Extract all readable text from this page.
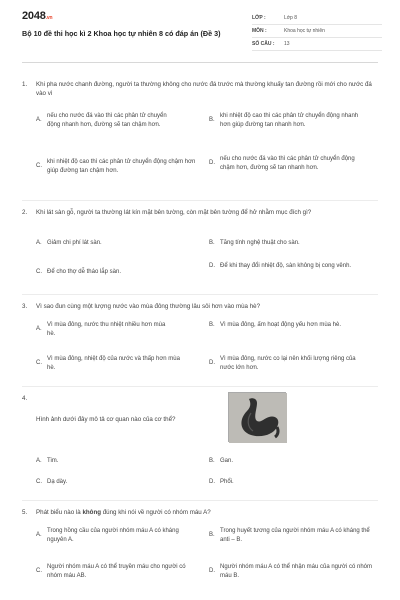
2048.vn
Bộ 10 đề thi học kì 2 Khoa học tự nhiên 8 có đáp án (Đề 3)
LỚP :	Lớp 8
MÔN :	Khoa học tự nhiên
SỐ CÂU :	13
1. Khi pha nước chanh đường, người ta thường không cho nước đá trước mà thường khuấy tan đường rồi mới cho nước đá vào vì
A.
nếu cho nước đá vào thì các phân tử chuyển động nhanh hơn, đường sẽ tan chậm hơn.
B.
khi nhiệt độ cao thì các phân tử chuyển động nhanh hơn giúp đường tan nhanh hơn.
C.
khi nhiệt độ cao thì các phân tử chuyển động chậm hơn giúp đường tan chậm hơn.
D.
nếu cho nước đá vào thì các phân tử chuyển động chậm hơn, đường sẽ tan nhanh hơn.
2. Khi lát sàn gỗ, người ta thường lát kín mặt bên tường, còn mặt bên tường để hở nhằm mục đích gì?
A. Giảm chi phí lát sàn.	B. Tăng tính nghệ thuật cho sàn.
C. Để cho thợ dễ tháo lắp sàn.
D. Để khi thay đổi nhiệt độ, sàn không bị cong vênh.
3. Vì sao đun cùng một lượng nước vào mùa đông thường lâu sôi hơn vào mùa hè?
A.
Vì mùa đông, nước thu nhiệt nhiều hơn mùa hè.
B. Vì mùa đông, ấm hoạt động yếu hơn mùa hè.
C.
Vì mùa đông, nhiệt độ của nước và thấp hơn mùa hè.
D.
Vì mùa đông, nước co lại nên khối lượng riêng của nước lớn hơn.
4.
Hình ảnh dưới đây mô tả cơ quan nào của cơ thể?
A. Tim.	B. Gan.
C. Dạ dày.	D. Phổi.
5. Phát biểu nào là không đúng khi nói về người có nhóm máu A?
A.
Trong hồng cầu của người nhóm máu A có kháng nguyên A.
B.
Trong huyết tương của người nhóm máu A có kháng thể anti – B.
C.
Người nhóm máu A có thể truyền máu cho người có nhóm máu AB.
D.
Người nhóm máu A có thể nhận máu của người có nhóm máu B.
